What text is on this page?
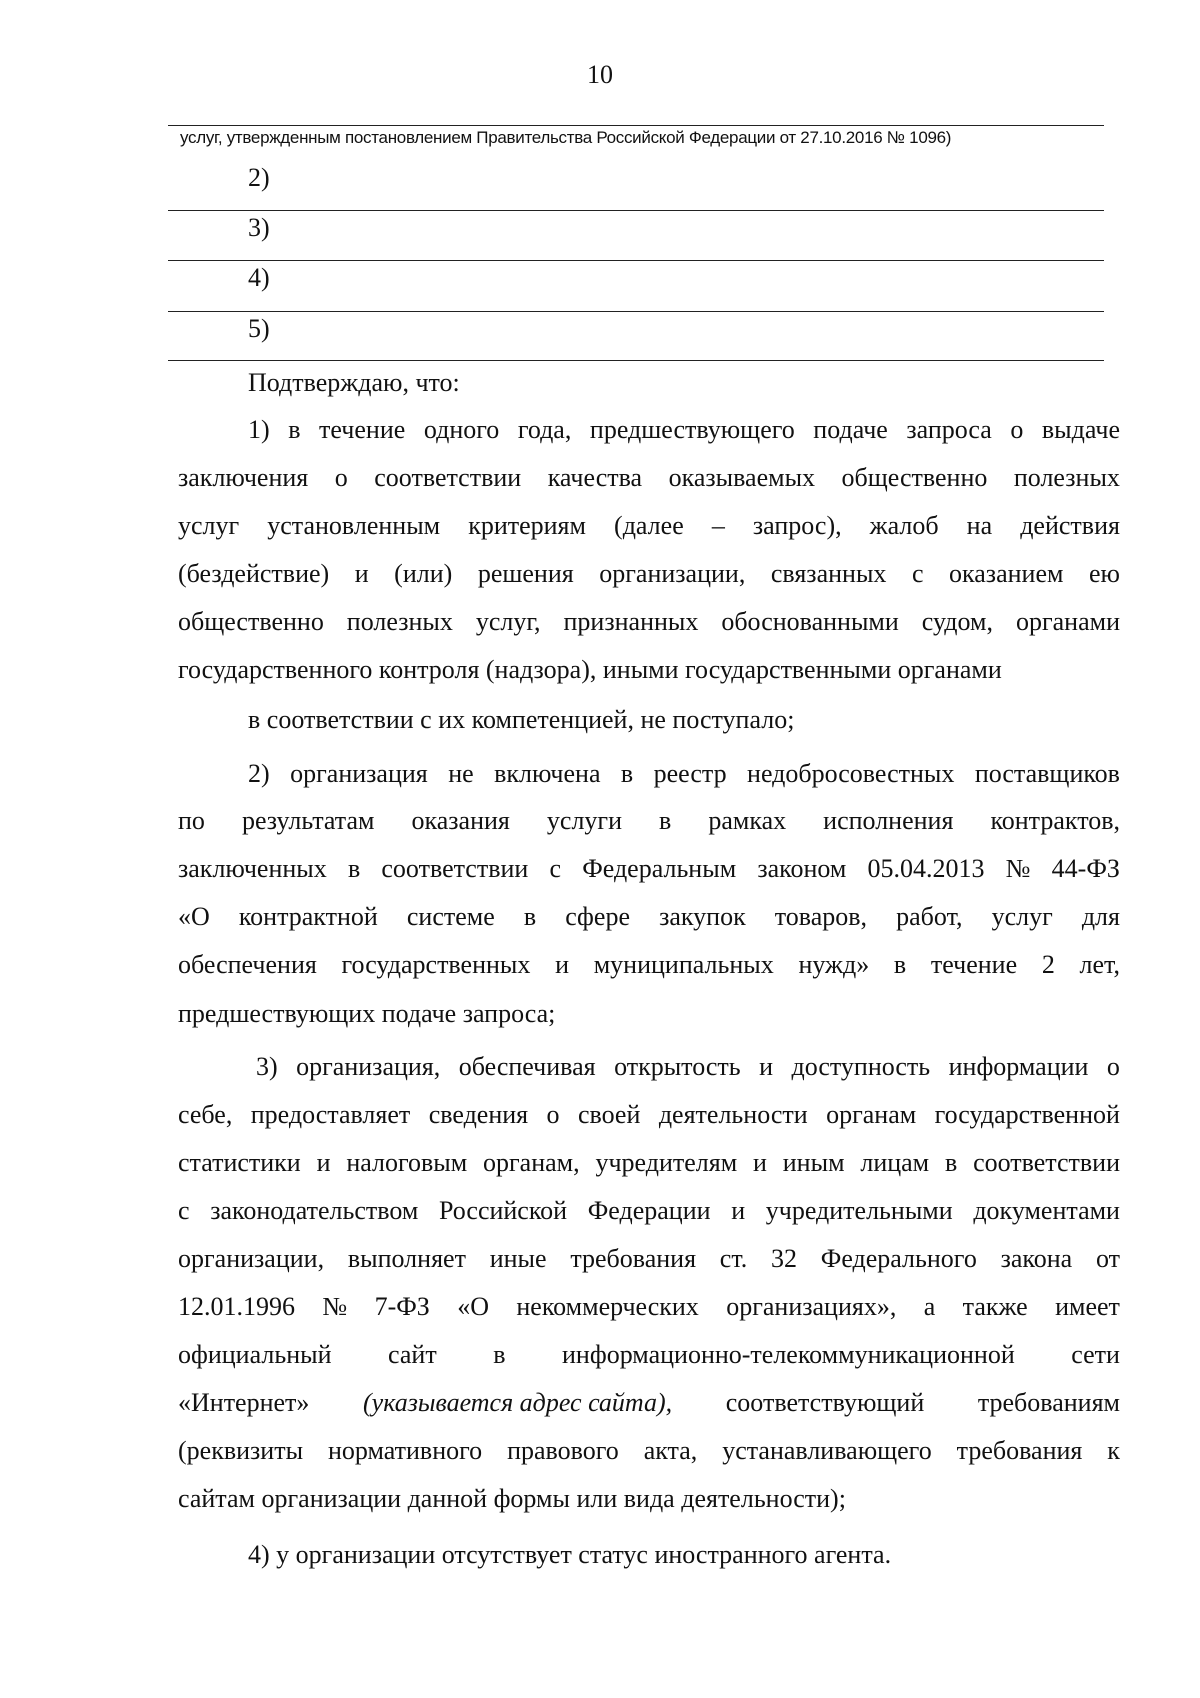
10
услуг, утвержденным постановлением Правительства Российской Федерации от 27.10.2016 № 1096)
2)
3)
4)
5)
Подтверждаю, что:
1) в течение одного года, предшествующего подаче запроса о выдаче
заключения о соответствии качества оказываемых общественно полезных
услуг установленным критериям (далее – запрос), жалоб на действия
(бездействие) и (или) решения организации, связанных с оказанием ею
общественно полезных услуг, признанных обоснованными судом, органами
государственного контроля (надзора), иными государственными органами
в соответствии с их компетенцией, не поступало;
2) организация не включена в реестр недобросовестных поставщиков
по результатам оказания услуги в рамках исполнения контрактов,
заключенных в соответствии с Федеральным законом 05.04.2013 № 44-ФЗ
«О контрактной системе в сфере закупок товаров, работ, услуг для
обеспечения государственных и муниципальных нужд» в течение 2 лет,
предшествующих подаче запроса;
3) организация, обеспечивая открытость и доступность информации о
себе, предоставляет сведения о своей деятельности органам государственной
статистики и налоговым органам, учредителям и иным лицам в соответствии
с законодательством Российской Федерации и учредительными документами
организации, выполняет иные требования ст. 32 Федерального закона от
12.01.1996 № 7-ФЗ «О некоммерческих организациях», а также имеет
официальный сайт в информационно-телекоммуникационной сети
«Интернет» (указывается адрес сайта), соответствующий требованиям
(реквизиты нормативного правового акта, устанавливающего требования к
сайтам организации данной формы или вида деятельности);
4) у организации отсутствует статус иностранного агента.
